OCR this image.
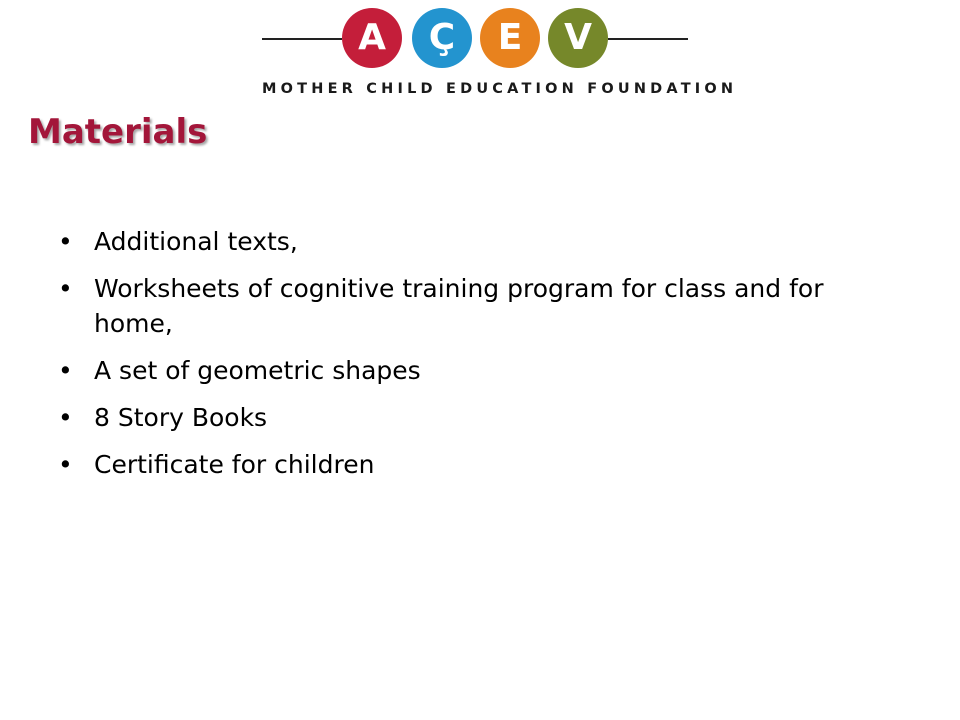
A	Ç	E	V
MOTHER CHILD EDUCATION FOUNDATION
Materials
• Additional texts,
• Worksheets of cognitive training program for class and for home,
• A set of geometric shapes
• 8 Story Books
• Certificate for children
